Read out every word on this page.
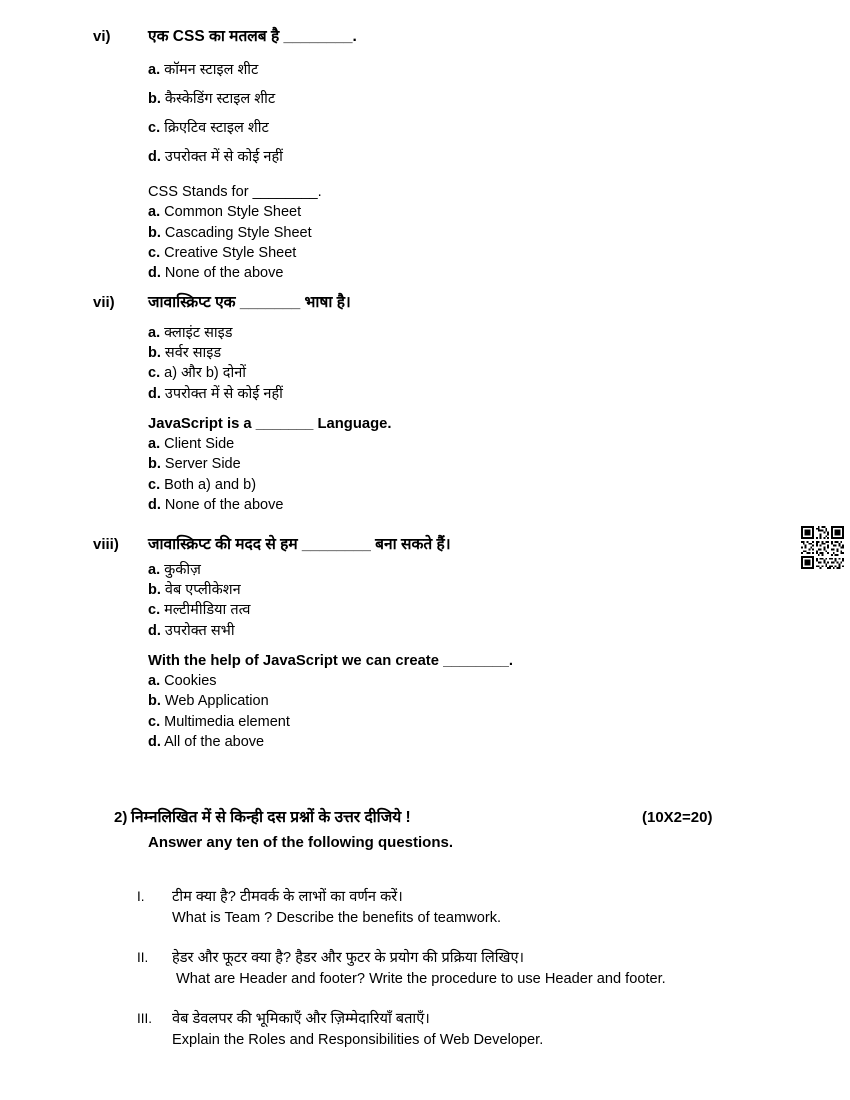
vi) एक CSS का मतलब है ________.
a. कॉमन स्टाइल शीट
b. कैस्केडिंग स्टाइल शीट
c. क्रिएटिव स्टाइल शीट
d. उपरोक्त में से कोई नहीं
CSS Stands for ________.
a. Common Style Sheet
b. Cascading Style Sheet
c. Creative Style Sheet
d. None of the above
vii) जावास्क्रिप्ट एक _______ भाषा है।
a. क्लाइंट साइड
b. सर्वर साइड
c. a) और b) दोनों
d. उपरोक्त में से कोई नहीं
JavaScript is a _______ Language.
a. Client Side
b. Server Side
c. Both a) and b)
d. None of the above
viii) जावास्क्रिप्ट की मदद से हम ________ बना सकते हैं।
a. कुकीज़
b. वेब एप्लीकेशन
c. मल्टीमीडिया तत्व
d. उपरोक्त सभी
With the help of JavaScript we can create ________.
a. Cookies
b. Web Application
c. Multimedia element
d. All of the above
2) निम्नलिखित में से किन्ही दस प्रश्नों के उत्तर दीजिये !	(10X2=20)
Answer any ten of the following questions.
I. टीम क्या है? टीमवर्क के लाभों का वर्णन करें।
What is Team ? Describe the benefits of teamwork.
II. हेडर और फूटर क्या है? हैडर और फुटर के प्रयोग की प्रक्रिया लिखिए।
What are Header and footer? Write the procedure to use Header and footer.
III. वेब डेवलपर की भूमिकाएँ और ज़िम्मेदारियाँ बताएँ।
Explain the Roles and Responsibilities of Web Developer.
